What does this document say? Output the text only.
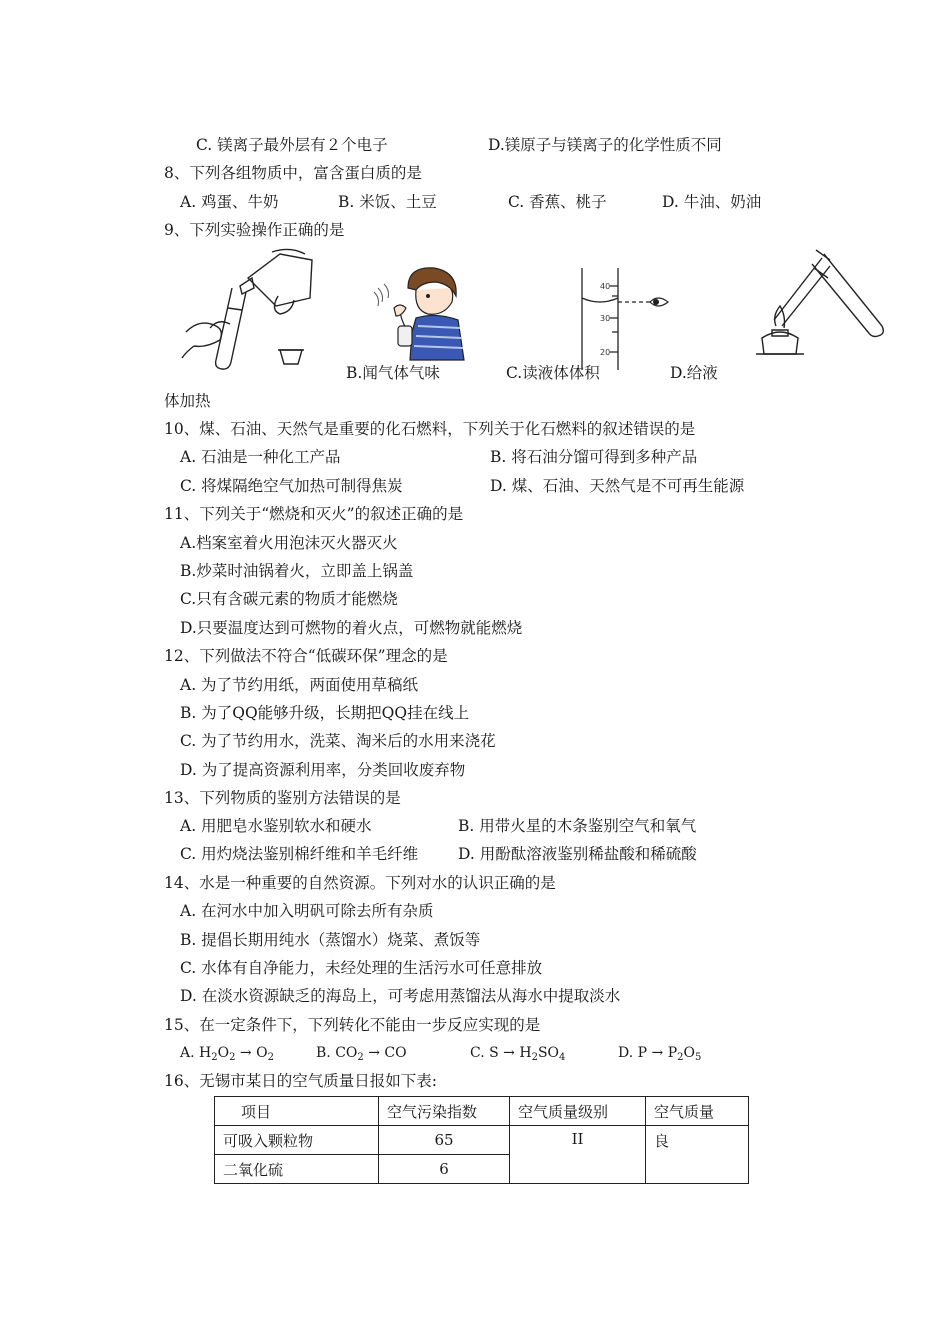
C. 镁离子最外层有２个电子	D.镁原子与镁离子的化学性质不同
8、下列各组物质中，富含蛋白质的是
A. 鸡蛋、牛奶	B. 米饭、土豆	C. 香蕉、桃子	D. 牛油、奶油
9、下列实验操作正确的是
40
30
20
B.闻气体气味	C.读液体体积	D.给液
体加热
10、煤、石油、天然气是重要的化石燃料，下列关于化石燃料的叙述错误的是
A. 石油是一种化工产品	B. 将石油分馏可得到多种产品
C. 将煤隔绝空气加热可制得焦炭	D. 煤、石油、天然气是不可再生能源
11、下列关于“燃烧和灭火”的叙述正确的是
A.档案室着火用泡沫灭火器灭火
B.炒菜时油锅着火，立即盖上锅盖
C.只有含碳元素的物质才能燃烧
D.只要温度达到可燃物的着火点，可燃物就能燃烧
12、下列做法不符合“低碳环保”理念的是
A. 为了节约用纸，两面使用草稿纸
B. 为了QQ能够升级，长期把QQ挂在线上
C. 为了节约用水，洗菜、淘米后的水用来浇花
D. 为了提高资源利用率，分类回收废弃物
13、下列物质的鉴别方法错误的是
A. 用肥皂水鉴别软水和硬水	B. 用带火星的木条鉴别空气和氧气
C. 用灼烧法鉴别棉纤维和羊毛纤维	D. 用酚酞溶液鉴别稀盐酸和稀硫酸
14、水是一种重要的自然资源。下列对水的认识正确的是
A. 在河水中加入明矾可除去所有杂质
B. 提倡长期用纯水（蒸馏水）烧菜、煮饭等
C. 水体有自净能力，未经处理的生活污水可任意排放
D. 在淡水资源缺乏的海岛上，可考虑用蒸馏法从海水中提取淡水
15、在一定条件下，下列转化不能由一步反应实现的是
A. $H_2O_2 \to O_2$	B. $CO_2$ → CO	C. $S \to H_2SO_4$	D. $P \to P_2O_5$
16、无锡市某日的空气质量日报如下表:
项目	空气污染指数	空气质量级别	空气质量
可吸入颗粒物	65	II	良
二氧化硫	6		
